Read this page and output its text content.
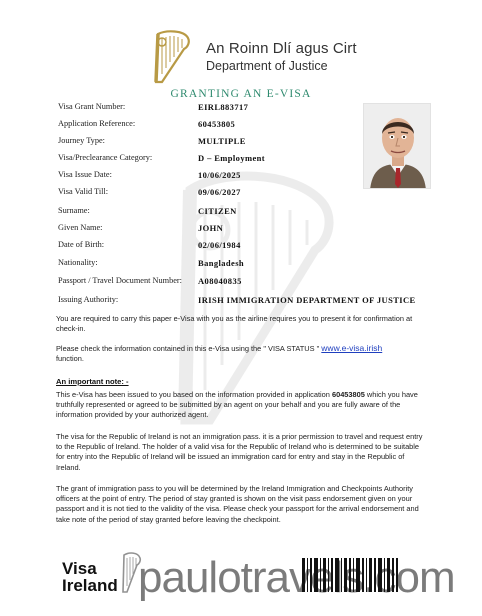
An Roinn Dlí agus Cirt
Department of Justice
GRANTING AN E-VISA
Visa Grant Number:	EIRL883717
Application Reference:	60453805
Journey Type:	MULTIPLE
Visa/Preclearance Category:	D – Employment
Visa Issue Date:	10/06/2025
Visa Valid Till:	09/06/2027
Surname:	CITIZEN
Given Name:	JOHN
Date of Birth:	02/06/1984
Nationality:	Bangladesh
Passport / Travel Document Number: A08040835
Issuing Authority:	IRISH IMMIGRATION DEPARTMENT OF JUSTICE
You are required to carry this paper e-Visa with you as the airline requires you to present it for confirmation at check-in.
Please check the information contained in this e-Visa using the " VISA STATUS " www.e-visa.irish
function.
An important note: -
This e-Visa has been issued to you based on the information provided in application 60453805 which you have truthfully represented or agreed to be submitted by an agent on your behalf and you are fully aware of the information provided by your authorized agent.
The visa for the Republic of Ireland is not an immigration pass. it is a prior permission to travel and request entry to the Republic of Ireland. The holder of a valid visa for the Republic of Ireland who is determined to be suitable for entry into the Republic of Ireland will be issued an immigration card for entry and stay in the Republic of Ireland.
The grant of immigration pass to you will be determined by the Ireland Immigration and Checkpoints Authority officers at the point of entry. The period of stay granted is shown on the visit pass endorsement given on your passport and it is not tied to the validity of the visa. Please check your passport for the arrival endorsement and take note of the period of stay granted before leaving the checkpoint.
Visa
Ireland paulotravels.com
